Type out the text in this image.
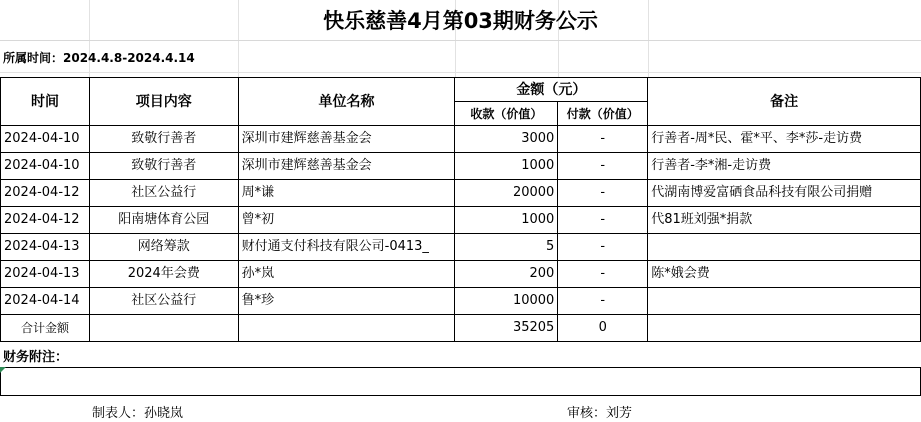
快乐慈善4月第03期财务公示
所属时间：2024.4.8-2024.4.14
时间	项目内容	单位名称	金额（元）		备注
			收款（价值）	付款（价值）	
2024-04-10	致敬行善者	深圳市建辉慈善基金会	3000	-	行善者-周*民、霍*平、李*莎-走访费
2024-04-10	致敬行善者	深圳市建辉慈善基金会	1000	-	行善者-李*湘-走访费
2024-04-12	社区公益行	周*谦	20000	-	代湖南博爱富硒食品科技有限公司捐赠
2024-04-12	阳南塘体育公园	曾*初	1000	-	代81班刘强*捐款
2024-04-13	网络筹款	财付通支付科技有限公司-0413_	5	-	
2024-04-13	2024年会费	孙*岚	200	-	陈*娥会费
2024-04-14	社区公益行	鲁*珍	10000	-	
合计金额			35205	0	
财务附注：
制表人：孙晓岚	审核：刘芳
